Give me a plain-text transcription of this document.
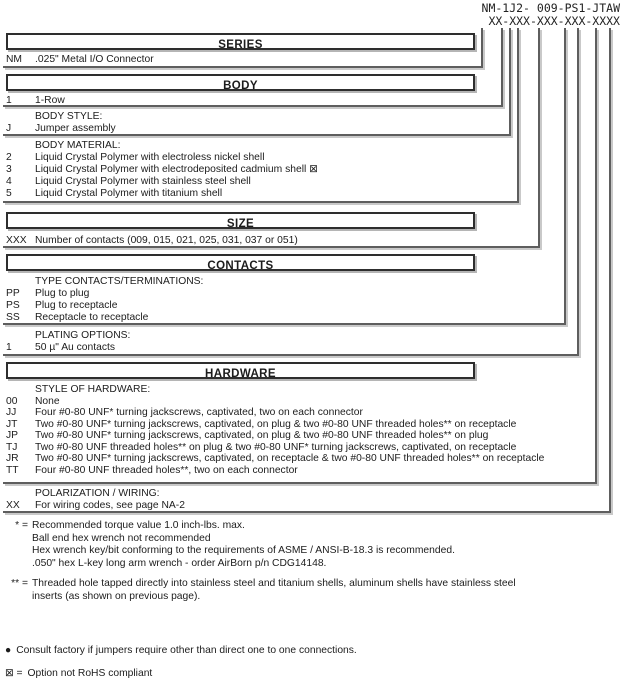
NM-1J2- 009-PS1-JTAW
XX-XXX-XXX-XXX-XXXX
SERIES
NM	.025" Metal I/O Connector
BODY
1	1-Row
BODY STYLE:
J	Jumper assembly
BODY MATERIAL:
2	Liquid Crystal Polymer with electroless nickel shell
3	Liquid Crystal Polymer with electrodeposited cadmium shell ⊠
4	Liquid Crystal Polymer with stainless steel shell
5	Liquid Crystal Polymer with titanium shell
SIZE
XXX Number of contacts (009, 015, 021, 025, 031, 037 or 051)
CONTACTS
TYPE CONTACTS/TERMINATIONS:
PP	Plug to plug
PS	Plug to receptacle
SS	Receptacle to receptacle
PLATING OPTIONS:
1	50 µ" Au contacts
HARDWARE
STYLE OF HARDWARE:
00	None
JJ	Four #0-80 UNF* turning jackscrews, captivated, two on each connector
JT	Two #0-80 UNF* turning jackscrews, captivated, on plug & two #0-80 UNF threaded holes** on receptacle
JP	Two #0-80 UNF* turning jackscrews, captivated, on plug & two #0-80 UNF threaded holes** on plug
TJ	Two #0-80 UNF threaded holes** on plug & two #0-80 UNF* turning jackscrews, captivated, on receptacle
JR	Two #0-80 UNF* turning jackscrews, captivated, on receptacle & two #0-80 UNF threaded holes** on receptacle
TT	Four #0-80 UNF threaded holes**, two on each connector
POLARIZATION / WIRING:
XX	For wiring codes, see page NA-2
* = Recommended torque value 1.0 inch-lbs. max.
Ball end hex wrench not recommended
Hex wrench key/bit conforming to the requirements of ASME / ANSI-B-18.3 is recommended.
.050" hex L-key long arm wrench - order AirBorn p/n CDG14148.
** = Threaded hole tapped directly into stainless steel and titanium shells, aluminum shells have stainless steel
inserts (as shown on previous page).
● Consult factory if jumpers require other than direct one to one connections.
⊠ = Option not RoHS compliant
